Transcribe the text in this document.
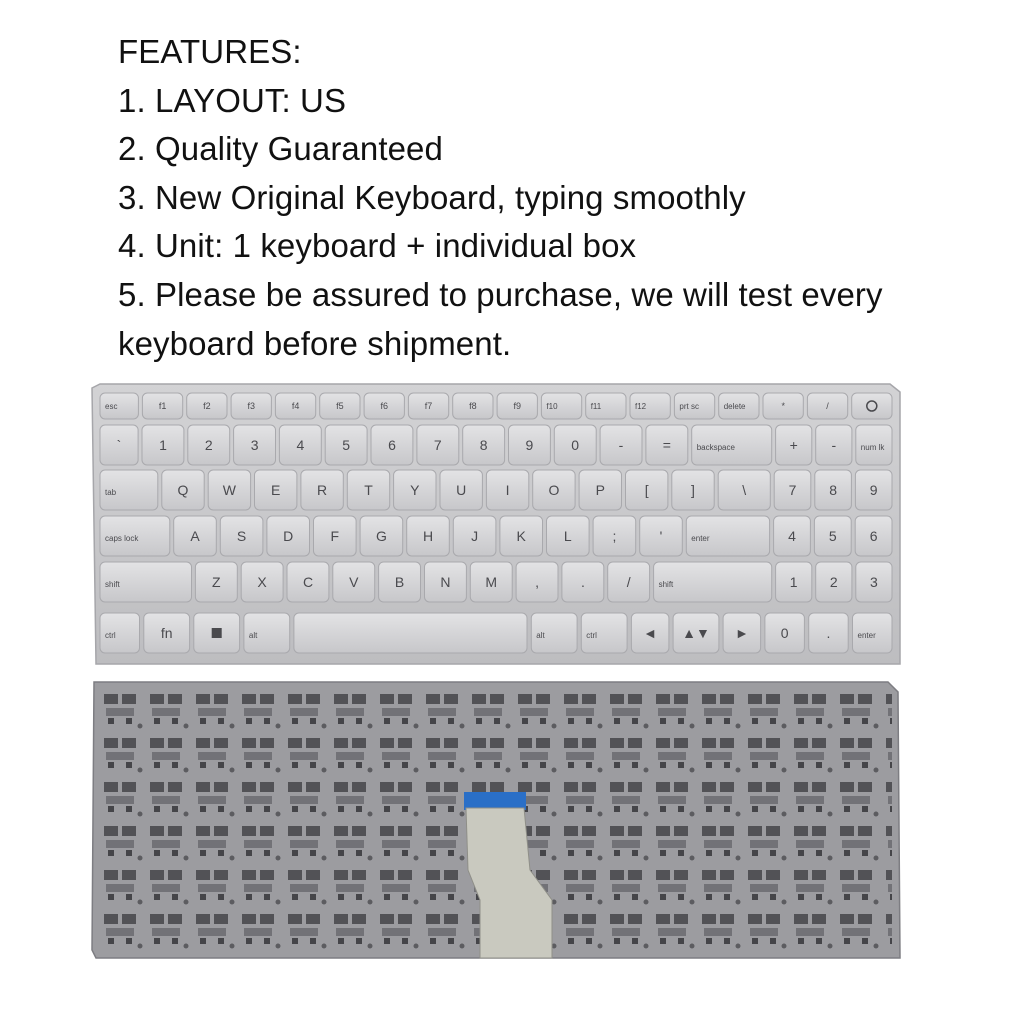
FEATURES:
1. LAYOUT: US
2. Quality Guaranteed
3. New Original Keyboard, typing smoothly
4. Unit: 1 keyboard + individual box
5. Please be assured to purchase, we will test every
keyboard before shipment.
esc	f1	f2	f3	f4	f5	f6	f7	f8	f9	f10	f11	f12	prt sc	delete	*	/
`	1	2	3	4	5	6	7	8	9	0	-	=	backspace	+ -	num lk
tab	Q W	E	R	T	Y	U	I	O	P	[	]	\	7 8 9
caps lock	A	S	D	F	G	H	J	K	L	;	'	enter	4 5 6
shift	Z	X	C	V	B	N M	,	.	/	shift	1 2 3
ctrl	fn	alt	alt	ctrl	◄ ▲▼ ► 0	.	enter
